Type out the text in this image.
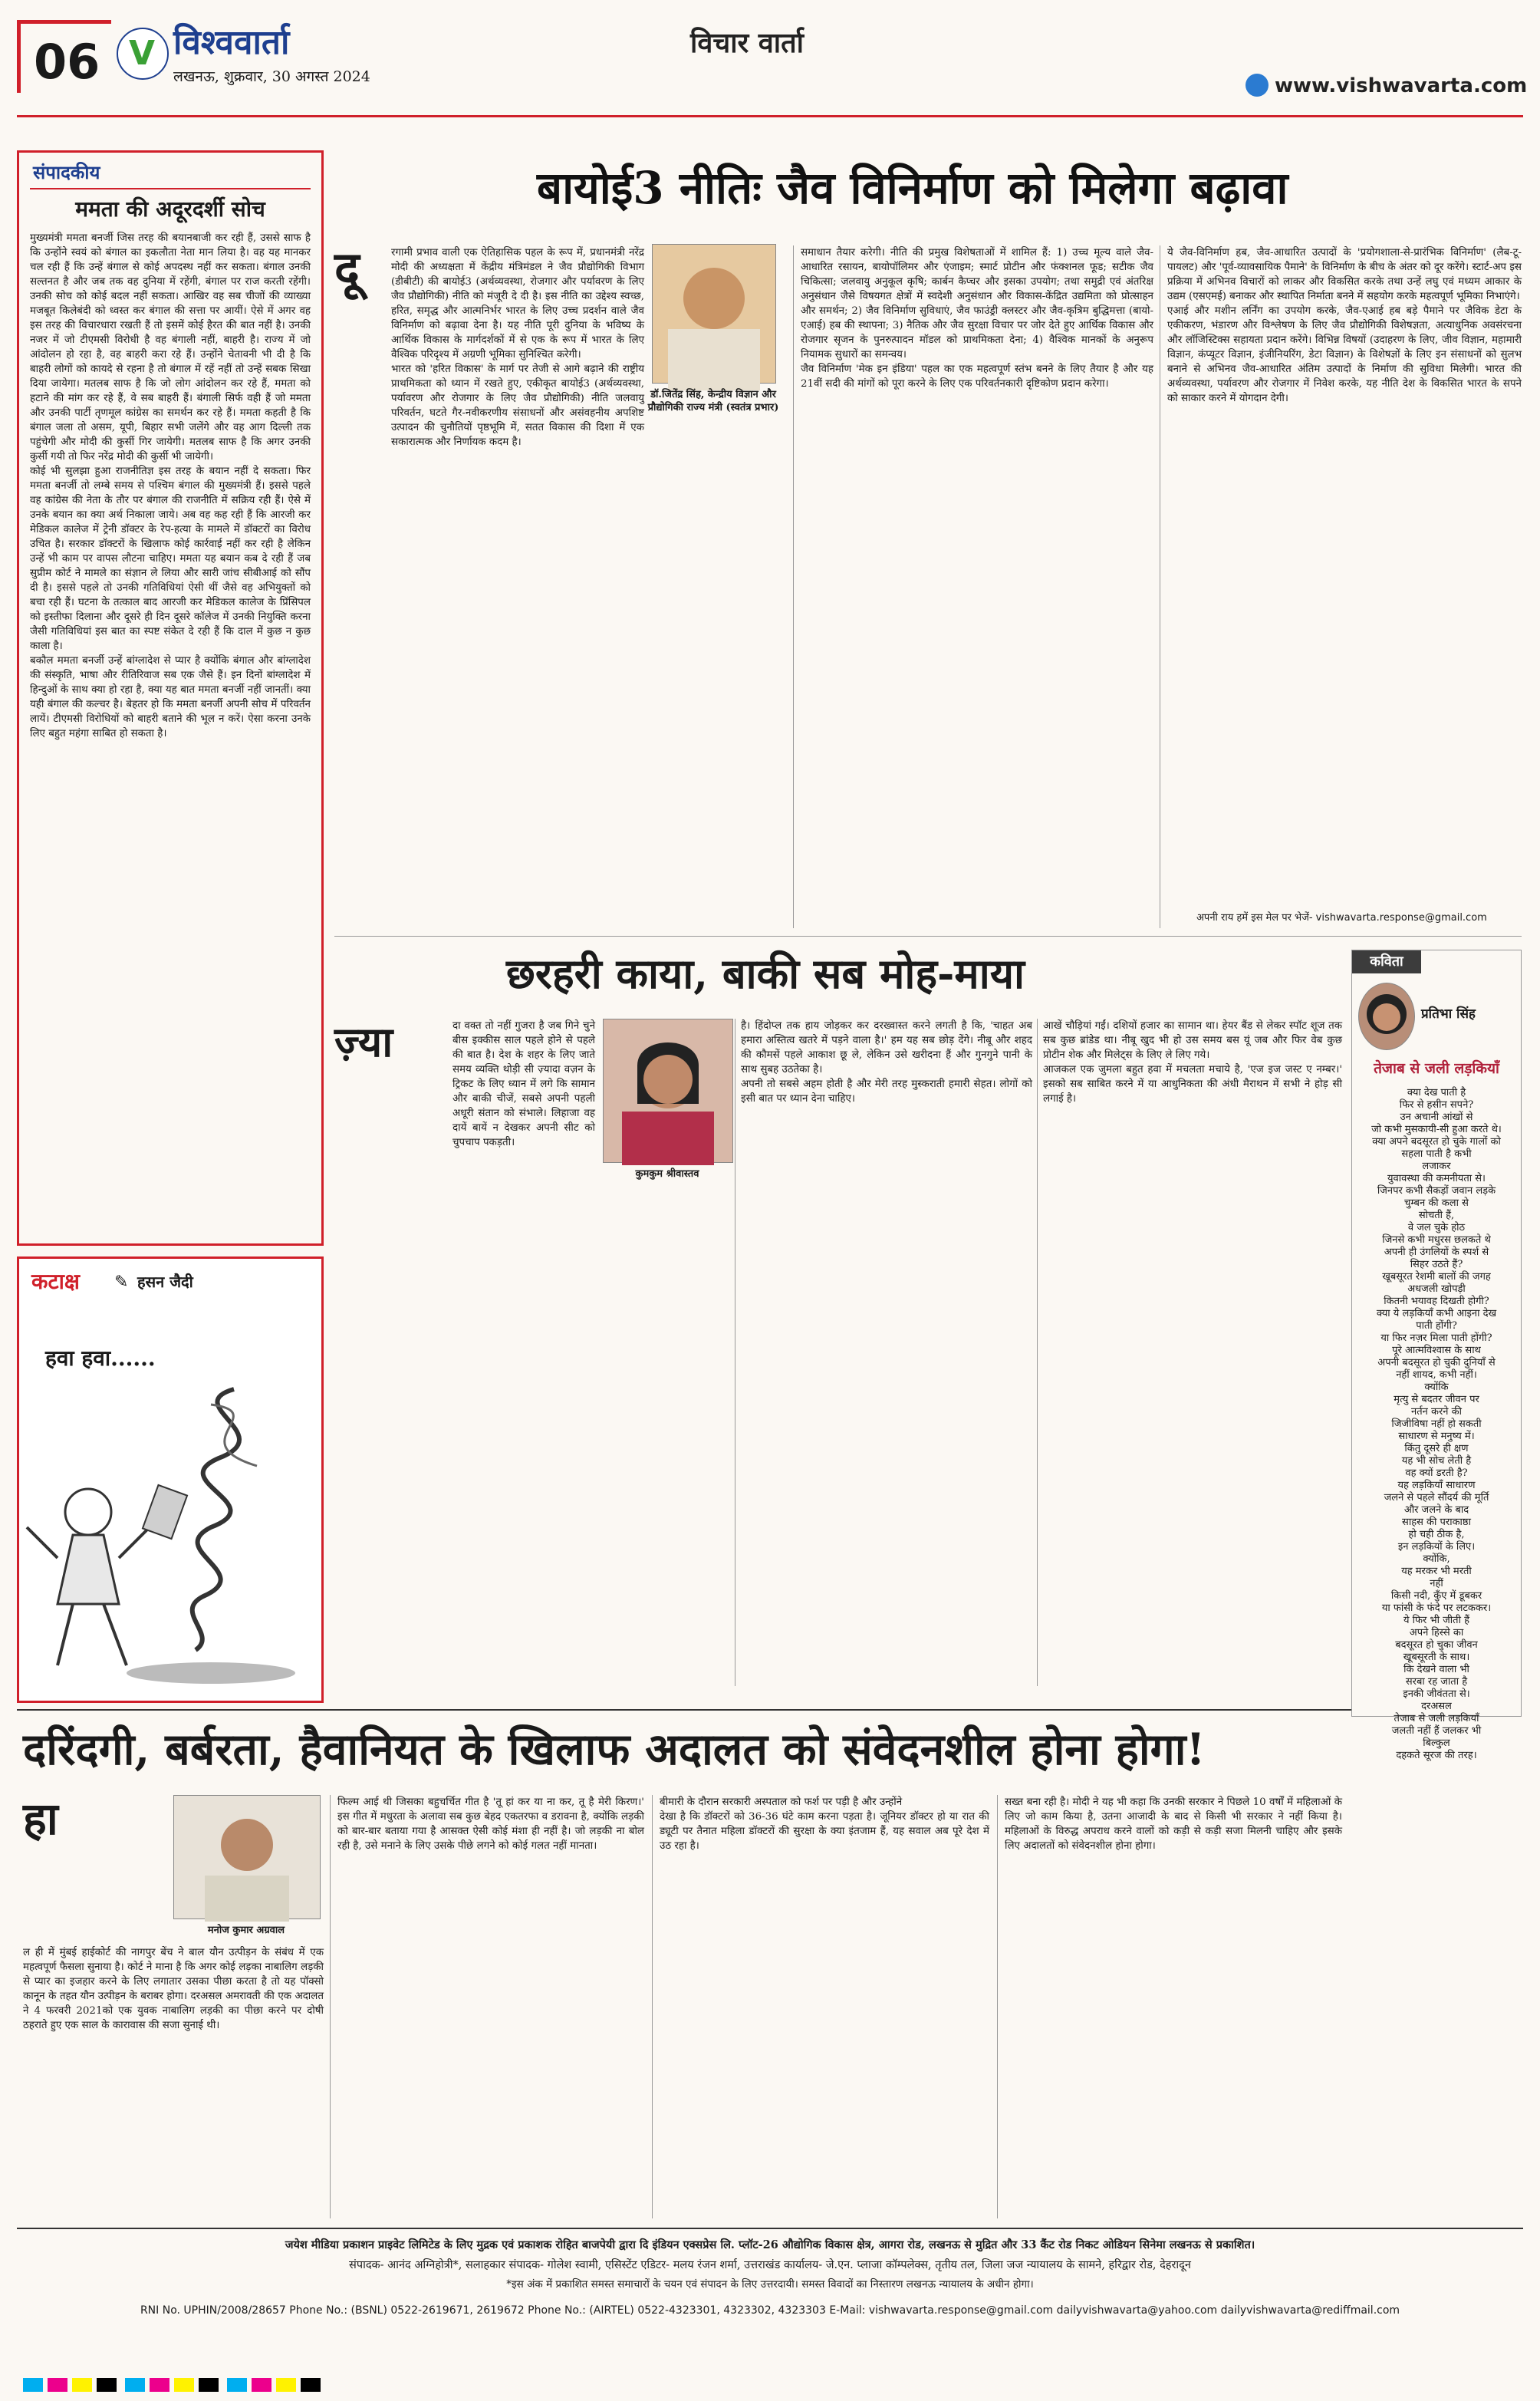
06 V विश्ववार्ता
लखनऊ, शुक्रवार, 30 अगस्त 2024
विचार वार्ता
www.vishwavarta.com
संपादकीय
ममता की अदूरदर्शी सोच
मुख्यमंत्री ममता बनर्जी जिस तरह की बयानबाजी कर रही हैं, उससे साफ है कि उन्होंने स्वयं को बंगाल का इकलौता नेता मान लिया है। वह यह मानकर चल रही हैं कि उन्हें बंगाल से कोई अपदस्थ नहीं कर सकता। बंगाल उनकी सल्तनत है और जब तक वह दुनिया में रहेंगी, बंगाल पर राज करती रहेंगी। उनकी सोच को कोई बदल नहीं सकता। आखिर वह सब चीजों की व्याख्या मजबूत किलेबंदी को ध्वस्त कर बंगाल की सत्ता पर आयीं। ऐसे में अगर वह इस तरह की विचारधारा रखती हैं तो इसमें कोई हैरत की बात नहीं है। उनकी नजर में जो टीएमसी विरोधी है वह बंगाली नहीं, बाहरी है। राज्य में जो आंदोलन हो रहा है, वह बाहरी करा रहे हैं। उन्होंने चेतावनी भी दी है कि बाहरी लोगों को कायदे से रहना है तो बंगाल में रहें नहीं तो उन्हें सबक सिखा दिया जायेगा। मतलब साफ है कि जो लोग आंदोलन कर रहे हैं, ममता को हटाने की मांग कर रहे हैं, वे सब बाहरी हैं। बंगाली सिर्फ वही हैं जो ममता और उनकी पार्टी तृणमूल कांग्रेस का समर्थन कर रहे हैं। ममता कहती है कि बंगाल जला तो असम, यूपी, बिहार सभी जलेंगे और वह आग दिल्ली तक पहुंचेगी और मोदी की कुर्सी गिर जायेगी। मतलब साफ है कि अगर उनकी कुर्सी गयी तो फिर नरेंद्र मोदी की कुर्सी भी जायेगी।
कोई भी सुलझा हुआ राजनीतिज्ञ इस तरह के बयान नहीं दे सकता। फिर ममता बनर्जी तो लम्बे समय से पश्चिम बंगाल की मुख्यमंत्री हैं। इससे पहले वह कांग्रेस की नेता के तौर पर बंगाल की राजनीति में सक्रिय रही हैं। ऐसे में उनके बयान का क्या अर्थ निकाला जाये। अब वह कह रही हैं कि आरजी कर मेडिकल कालेज में ट्रेनी डॉक्टर के रेप-हत्या के मामले में डॉक्टरों का विरोध उचित है। सरकार डॉक्टरों के खिलाफ कोई कार्रवाई नहीं कर रही है लेकिन उन्हें भी काम पर वापस लौटना चाहिए। ममता यह बयान कब दे रही हैं जब सुप्रीम कोर्ट ने मामले का संज्ञान ले लिया और सारी जांच सीबीआई को सौंप दी है। इससे पहले तो उनकी गतिविधियां ऐसी थीं जैसे वह अभियुक्तों को बचा रही हैं। घटना के तत्काल बाद आरजी कर मेडिकल कालेज के प्रिंसिपल को इस्तीफा दिलाना और दूसरे ही दिन दूसरे कॉलेज में उनकी नियुक्ति करना जैसी गतिविधियां इस बात का स्पष्ट संकेत दे रही हैं कि दाल में कुछ न कुछ काला है।
बकौल ममता बनर्जी उन्हें बांग्लादेश से प्यार है क्योंकि बंगाल और बांग्लादेश की संस्कृति, भाषा और रीतिरिवाज सब एक जैसे हैं। इन दिनों बांग्लादेश में हिन्दुओं के साथ क्या हो रहा है, क्या यह बात ममता बनर्जी नहीं जानतीं। क्या यही बंगाल की कल्चर है। बेहतर हो कि ममता बनर्जी अपनी सोच में परिवर्तन लायें। टीएमसी विरोधियों को बाहरी बताने की भूल न करें। ऐसा करना उनके लिए बहुत महंगा साबित हो सकता है।
कटाक्ष ✎ हसन जैदी
हवा हवा......
बायोई3 नीतिः जैव विनिर्माण को मिलेगा बढ़ावा
दू	रगामी प्रभाव वाली एक ऐतिहासिक पहल के रूप में, प्रधानमंत्री नरेंद्र मोदी की अध्यक्षता में केंद्रीय मंत्रिमंडल ने जैव प्रौद्योगिकी विभाग (डीबीटी) की बायोई3 (अर्थव्यवस्था, रोजगार और पर्यावरण के लिए जैव प्रौद्योगिकी) नीति को मंजूरी दे दी है। इस नीति का उद्देश्य स्वच्छ, हरित, समृद्ध और आत्मनिर्भर भारत के लिए उच्च प्रदर्शन वाले जैव विनिर्माण को बढ़ावा देना है। यह नीति पूरी दुनिया के भविष्य के आर्थिक विकास के मार्गदर्शकों में से एक के रूप में भारत के लिए वैश्विक परिदृश्य में अग्रणी भूमिका सुनिश्चित करेगी।
भारत को 'हरित विकास' के मार्ग पर तेजी से आगे बढ़ाने की राष्ट्रीय प्राथमिकता को ध्यान में रखते हुए, एकीकृत बायोई3 (अर्थव्यवस्था, पर्यावरण और रोजगार के लिए जैव प्रौद्योगिकी) नीति जलवायु परिवर्तन, घटते गैर-नवीकरणीय संसाधनों और असंवहनीय अपशिष्ट उत्पादन की चुनौतियों पृष्ठभूमि में, सतत विकास की दिशा में एक सकारात्मक और निर्णायक कदम है।
डॉ.जितेंद्र सिंह, केन्द्रीय विज्ञान और प्रौद्योगिकी राज्य मंत्री (स्वतंत्र प्रभार)
समाधान तैयार करेगी। नीति की प्रमुख विशेषताओं में शामिल हैं: 1) उच्च मूल्य वाले जैव-आधारित रसायन, बायोपॉलिमर और एंजाइम; स्मार्ट प्रोटीन और फंक्शनल फूड; सटीक जैव चिकित्सा; जलवायु अनुकूल कृषि; कार्बन कैप्चर और इसका उपयोग; तथा समुद्री एवं अंतरिक्ष अनुसंधान जैसे विषयगत क्षेत्रों में स्वदेशी अनुसंधान और विकास-केंद्रित उद्यमिता को प्रोत्साहन और समर्थन; 2) जैव विनिर्माण सुविधाएं, जैव फाउंड्री क्लस्टर और जैव-कृत्रिम बुद्धिमत्ता (बायो-एआई) हब की स्थापना; 3) नैतिक और जैव सुरक्षा विचार पर जोर देते हुए आर्थिक विकास और रोजगार सृजन के पुनरुत्पादन मॉडल को प्राथमिकता देना; 4) वैश्विक मानकों के अनुरूप नियामक सुधारों का समन्वय।
जैव विनिर्माण 'मेक इन इंडिया' पहल का एक महत्वपूर्ण स्तंभ बनने के लिए तैयार है और यह 21वीं सदी की मांगों को पूरा करने के लिए एक परिवर्तनकारी दृष्टिकोण प्रदान करेगा।
ये जैव-विनिर्माण हब, जैव-आधारित उत्पादों के 'प्रयोगशाला-से-प्रारंभिक विनिर्माण' (लैब-टू-पायलट) और 'पूर्व-व्यावसायिक पैमाने' के विनिर्माण के बीच के अंतर को दूर करेंगे। स्टार्ट-अप इस प्रक्रिया में अभिनव विचारों को लाकर और विकसित करके तथा उन्हें लघु एवं मध्यम आकार के उद्यम (एसएमई) बनाकर और स्थापित निर्माता बनने में सहयोग करके महत्वपूर्ण भूमिका निभाएंगे।
एआई और मशीन लर्निंग का उपयोग करके, जैव-एआई हब बड़े पैमाने पर जैविक डेटा के एकीकरण, भंडारण और विश्लेषण के लिए जैव प्रौद्योगिकी विशेषज्ञता, अत्याधुनिक अवसंरचना और लॉजिस्टिक्स सहायता प्रदान करेंगे। विभिन्न विषयों (उदाहरण के लिए, जीव विज्ञान, महामारी विज्ञान, कंप्यूटर विज्ञान, इंजीनियरिंग, डेटा विज्ञान) के विशेषज्ञों के लिए इन संसाधनों को सुलभ बनाने से अभिनव जैव-आधारित अंतिम उत्पादों के निर्माण की सुविधा मिलेगी। भारत की अर्थव्यवस्था, पर्यावरण और रोजगार में निवेश करके, यह नीति देश के विकसित भारत के सपने को साकार करने में योगदान देगी।
अपनी राय हमें इस मेल पर भेजें- vishwavarta.response@gmail.com
छरहरी काया, बाकी सब मोह-माया
ज़्या
कुमकुम श्रीवास्तव
दा वक्त तो नहीं गुजरा है जब गिने चुने बीस इक्कीस साल पहले होने से पहले की बात है। देश के शहर के लिए जाते समय व्यक्ति थोड़ी सी ज़्यादा वज़न के ट्रिकट के लिए ध्यान में लगे कि सामान और बाकी चीजें, सबसे अपनी पहली अधूरी संतान को संभाले। लिहाजा वह दायें बायें न देखकर अपनी सीट को चुपचाप पकड़ती।
है। हिंदोप्ल तक हाय जोड़कर कर दरख्वास्त करने लगती है कि, 'चाहत अब हमारा अस्तित्व खतरे में पड़ने वाला है।' हम यह सब छोड़ देंगे। नीबू और शहद की कौमसें पहले आकाश छू ले, लेकिन उसे खरीदना हैं और गुनगुने पानी के साथ सुबह उठतेका है।
अपनी तो सबसे अहम होती है और मेरी तरह मुस्कराती हमारी सेहत। लोगों को इसी बात पर ध्यान देना चाहिए।
आखें चौड़ियां गईं। दशियों हजार का सामान था। हेयर बैंड से लेकर स्पॉट शूज तक सब कुछ ब्रांडेड था। नीबू खुद भी हो उस समय बस यूं जब और फिर वेब कुछ प्रोटीन शेक और मिलेट्स के लिए ले लिए गये।
आजकल एक जुमला बहुत हवा में मचलता मचाये है, 'एज इज जस्ट ए नम्बर।' इसको सब साबित करने में या आधुनिकता की अंधी मैराथन में सभी ने होड़ सी लगाई है।
कविता
प्रतिभा सिंह
तेजाब से जली लड़कियाँ
क्या देख पाती है
फिर से हसीन सपने?
उन अचानी आंखों से
जो कभी मुसकायी-सी हुआ करते थे।
क्या अपने बदसूरत हो चुके गालों को
सहला पाती है कभी
लजाकर
युवावस्था की कमनीयता से।
जिनपर कभी सैकड़ों जवान लड़के
चुम्बन की कला से
सोचती हैं,
वे जल चुके होठ
जिनसे कभी मधुरस छलकते थे
अपनी ही उंगलियों के स्पर्श से
सिहर उठते हैं?
खूबसूरत रेशमी बालों की जगह
अधजली खोपड़ी
कितनी भयावह दिखती होगी?
क्या ये लड़कियाँ कभी आइना देख
पाती होंगी?
या फिर नज़र मिला पाती होंगी?
पूरे आत्मविश्वास के साथ
अपनी बदसूरत हो चुकी दुनियाँ से
नहीं शायद, कभी नहीं।
क्योंकि
मृत्यु से बदतर जीवन पर
नर्तन करने की
जिजीविषा नहीं हो सकती
साधारण से मनुष्य में।
किंतु दूसरे ही क्षण
यह भी सोच लेती है
वह क्यों डरती है?
यह लड़कियाँ साधारण
जलने से पहले सौंदर्य की मूर्ति
और जलने के बाद
साहस की पराकाष्ठा
हो चही ठीक है,
इन लड़कियों के लिए।
क्योंकि,
यह मरकर भी मरती
नहीं
किसी नदी, कुँए में डूबकर
या फांसी के फंदे पर लटककर।
ये फिर भी जीती हैं
अपने हिस्से का
बदसूरत हो चुका जीवन
खूबसूरती के साथ।
कि देखने वाला भी
सरबा रह जाता है
इनकी जीवंतता से।
दरअसल
तेजाब से जली लड़कियाँ
जलती नहीं हैं जलकर भी
बिल्कुल
दहकते सूरज की तरह।
दरिंदगी, बर्बरता, हैवानियत के खिलाफ अदालत को संवेदनशील होना होगा!
हा
मनोज कुमार अग्रवाल
ल ही में मुंबई हाईकोर्ट की नागपुर बेंच ने बाल यौन उत्पीड़न के संबंध में एक महत्वपूर्ण फैसला सुनाया है। कोर्ट ने माना है कि अगर कोई लड़का नाबालिग लड़की से प्यार का इजहार करने के लिए लगातार उसका पीछा करता है तो यह पॉक्सो कानून के तहत यौन उत्पीड़न के बराबर होगा। दरअसल अमरावती की एक अदालत ने 4 फरवरी 2021को एक युवक नाबालिग लड़की का पीछा करने पर दोषी ठहराते हुए एक साल के कारावास की सजा सुनाई थी।
फिल्म आई थी जिसका बहुचर्चित गीत है 'तू हां कर या ना कर, तू है मेरी किरण।' इस गीत में मधुरता के अलावा सब कुछ बेहद एकतरफा व डरावना है, क्योंकि लड़की को बार-बार बताया गया है आसक्त ऐसी कोई मंशा ही नहीं है। जो लड़की ना बोल रही है, उसे मनाने के लिए उसके पीछे लगने को कोई गलत नहीं मानता।
बीमारी के दौरान सरकारी अस्पताल को फर्श पर पड़ी है और उन्होंने
देखा है कि डॉक्टरों को 36-36 घंटे काम करना पड़ता है। जूनियर डॉक्टर हो या रात की ड्यूटी पर तैनात महिला डॉक्टरों की सुरक्षा के क्या इंतजाम हैं, यह सवाल अब पूरे देश में उठ रहा है।
सख्त बना रही है। मोदी ने यह भी कहा कि उनकी सरकार ने पिछले 10 वर्षों में महिलाओं के लिए जो काम किया है, उतना आजादी के बाद से किसी भी सरकार ने नहीं किया है। महिलाओं के विरुद्ध अपराध करने वालों को कड़ी से कड़ी सजा मिलनी चाहिए और इसके लिए अदालतों को संवेदनशील होना होगा।
जयेश मीडिया प्रकाशन प्राइवेट लिमिटेड के लिए मुद्रक एवं प्रकाशक रोहित बाजपेयी द्वारा दि इंडियन एक्सप्रेस लि. प्लॉट-26 औद्योगिक विकास क्षेत्र, आगरा रोड, लखनऊ से मुद्रित और 33 कैंट रोड निकट ओडियन सिनेमा लखनऊ से प्रकाशित।
संपादक- आनंद अग्निहोत्री*, सलाहकार संपादक- गोलेश स्वामी, एसिस्टेंट एडिटर- मलय रंजन शर्मा, उत्तराखंड कार्यालय- जे.एन. प्लाजा कॉम्पलेक्स, तृतीय तल, जिला जज न्यायालय के सामने, हरिद्वार रोड, देहरादून
*इस अंक में प्रकाशित समस्त समाचारों के चयन एवं संपादन के लिए उत्तरदायी। समस्त विवादों का निस्तारण लखनऊ न्यायालय के अधीन होगा।
RNI No. UPHIN/2008/28657 Phone No.: (BSNL) 0522-2619671, 2619672 Phone No.: (AIRTEL) 0522-4323301, 4323302, 4323303 E-Mail: vishwavarta.response@gmail.com dailyvishwavarta@yahoo.com dailyvishwavarta@rediffmail.com
